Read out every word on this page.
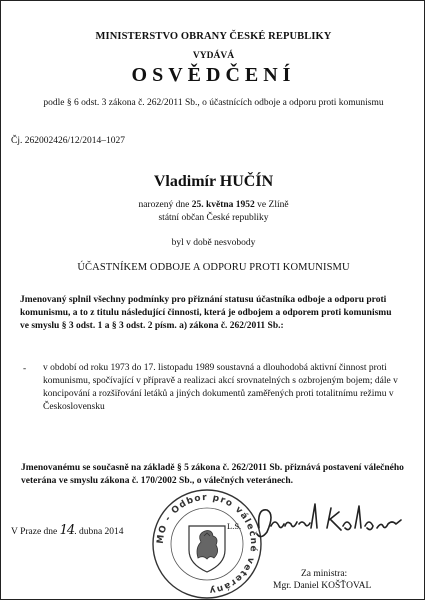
MINISTERSTVO OBRANY ČESKÉ REPUBLIKY
VYDÁVÁ
OSVĚDČENÍ
podle § 6 odst. 3 zákona č. 262/2011 Sb., o účastnících odboje a odporu proti komunismu
Čj. 262002426/12/2014–1027
Vladimír HUČÍN
narozený dne 25. května 1952 ve Zlíně
státní občan České republiky
byl v době nesvobody
ÚČASTNÍKEM ODBOJE A ODPORU PROTI KOMUNISMU
Jmenovaný splnil všechny podmínky pro přiznání statusu účastníka odboje a odporu proti komunismu, a to z titulu následující činnosti, která je odbojem a odporem proti komunismu ve smyslu § 3 odst. 1 a § 3 odst. 2 písm. a) zákona č. 262/2011 Sb.:
- v období od roku 1973 do 17. listopadu 1989 soustavná a dlouhodobá aktivní činnost proti komunismu, spočívající v přípravě a realizaci akcí srovnatelných s ozbrojeným bojem; dále v koncipování a rozšiřování letáků a jiných dokumentů zaměřených proti totalitnímu režimu v Československu
Jmenovanému se současně na základě § 5 zákona č. 262/2011 Sb. přiznává postavení válečného veterána ve smyslu zákona č. 170/2002 Sb., o válečných veteránech.
V Praze dne 14. dubna 2014
MO - Odbor pro válečné veterány
L.S.
Za ministra:
Mgr. Daniel KOŠŤOVAL
